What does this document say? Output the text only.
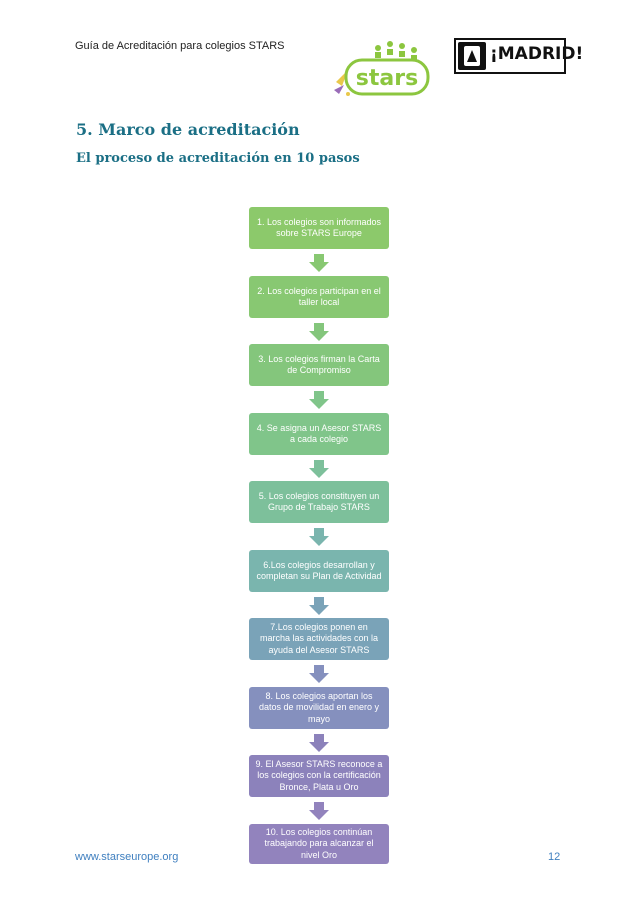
Guía de Acreditación para colegios STARS
stars
¡MADRID!
5. Marco de acreditación
El proceso de acreditación en 10 pasos
1. Los colegios son informados sobre STARS Europe
2. Los colegios participan en el taller local
3. Los colegios firman la Carta de Compromiso
4. Se asigna un Asesor STARS a cada colegio
5. Los colegios constituyen un Grupo de Trabajo STARS
6.Los colegios desarrollan y completan su Plan de Actividad
7.Los colegios ponen en marcha las actividades con la ayuda del Asesor STARS
8. Los colegios aportan los datos de movilidad en enero y mayo
9. El Asesor STARS reconoce a los colegios con la certificación Bronce, Plata u Oro
10. Los colegios continúan trabajando para alcanzar el nivel Oro
www.starseurope.org	12
